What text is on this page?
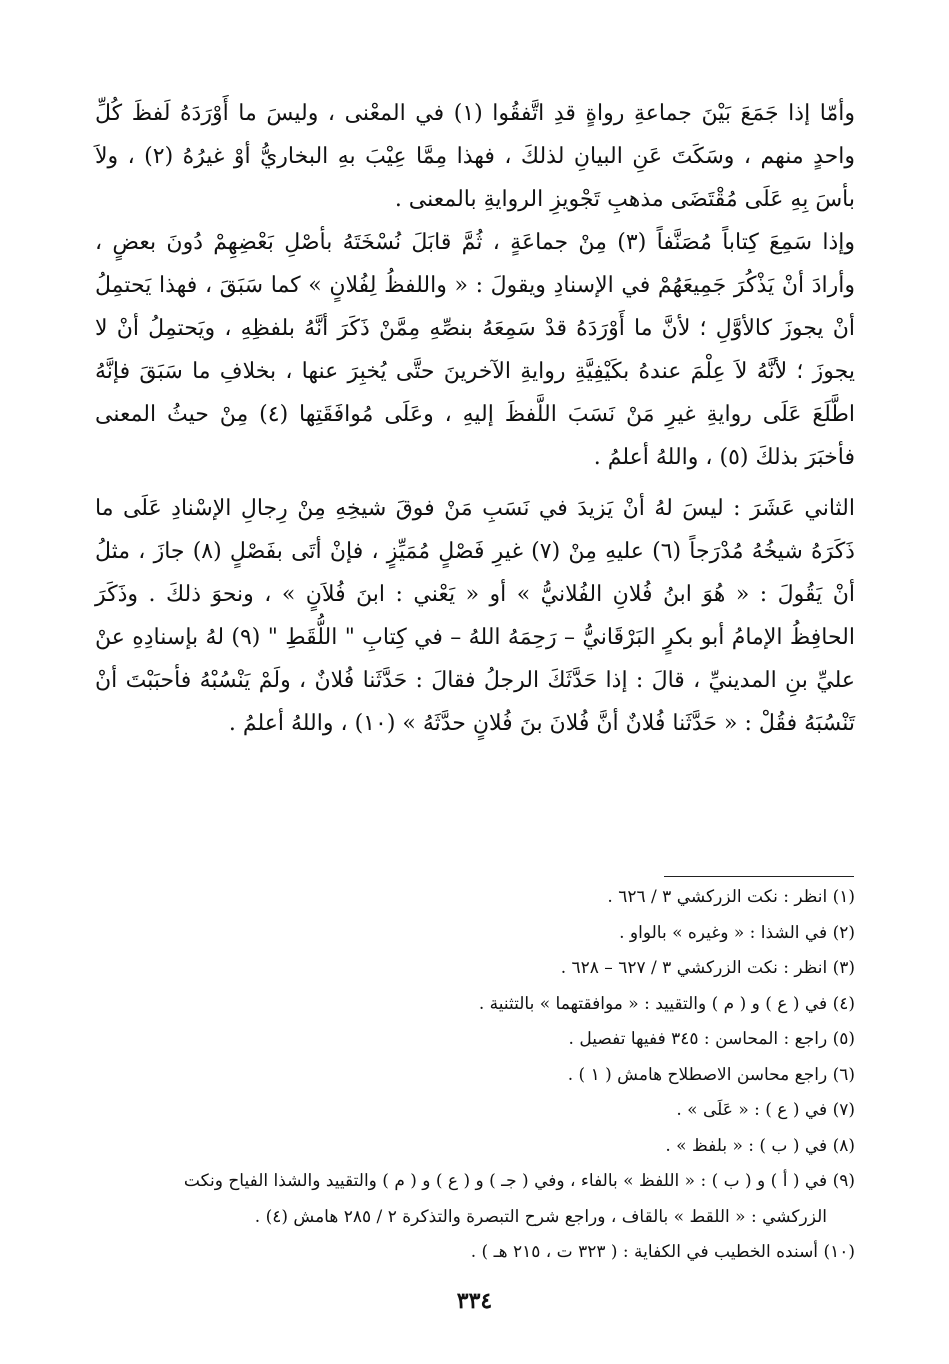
وأمّا إذا جَمَعَ بَيْنَ جماعةِ رواةٍ قدِ اتَّفقُوا (١) في المعْنى ، وليسَ ما أَوْرَدَهُ لَفظَ كُلِّ واحدٍ منهم ، وسَكَتَ عَنِ البيانِ لذلكَ ، فهذا مِمَّا عِيْبَ بهِ البخاريُّ أوْ غيرُهُ (٢) ، ولاَ بأسَ بِهِ عَلَى مُقْتَضَى مذهبِ تَجْويزِ الروايةِ بالمعنى .

وإذا سَمِعَ كِتاباً مُصَنَّفاً (٣) مِنْ جماعَةٍ ، ثُمَّ قابَلَ نُسْخَتَهُ بأصْلِ بَعْضِهِمْ دُونَ بعضٍ ، وأرادَ أنْ يَذْكُرَ جَمِيعَهُمْ في الإسنادِ ويقولَ : « واللفظُ لِفُلانٍ » كما سَبَقَ ، فهذا يَحتمِلُ أنْ يجوزَ كالأوَّلِ ؛ لأنَّ ما أَوْرَدَهُ قدْ سَمِعَهُ بنصِّهِ مِمَّنْ ذَكَرَ أنَّهُ بلفظِهِ ، ويَحتمِلُ أنْ لا يجوزَ ؛ لأنَّهُ لاَ عِلْمَ عندهُ بكَيْفِيَّةِ روايةِ الآخرينَ حتَّى يُخبِرَ عنها ، بخلافِ ما سَبَقَ فإنَّهُ اطَّلَعَ عَلَى روايةِ غيرِ مَنْ نَسَبَ اللَّفظَ إليهِ ، وعَلَى مُوافَقَتِها (٤) مِنْ حيثُ المعنى فأخبَرَ بذلكَ (٥) ، واللهُ أعلمُ .

الثاني عَشَرَ : ليسَ لهُ أنْ يَزيدَ في نَسَبِ مَنْ فوقَ شيخِهِ مِنْ رِجالِ الإسْنادِ عَلَى ما ذَكَرَهُ شيخُهُ مُدْرَجاً (٦) عليهِ مِنْ (٧) غيرِ فَصْلٍ مُمَيِّزٍ ، فإنْ أتَى بفَصْلٍ (٨) جازَ ، مثلُ أنْ يَقُولَ : « هُوَ ابنُ فُلانِ الفُلانيُّ » أو « يَعْني : ابنَ فُلاَنٍ » ، ونحوَ ذلكَ . وذَكَرَ الحافِظُ الإمامُ أبو بكرٍ البَرْقَانيُّ – رَحِمَهُ اللهُ – في كِتابِ " اللُّقَطِ " (٩) لهُ بإسنادِهِ عنْ عليِّ بنِ المدينيِّ ، قالَ : إذا حَدَّثَكَ الرجلُ فقالَ : حَدَّثَنا فُلانٌ ، ولَمْ يَنْسُبْهُ فأحبَبْتَ أنْ تَنْسُبَهُ فقُلْ : « حَدَّثَنا فُلانٌ أنَّ فُلانَ بنَ فُلانٍ حدَّثَهُ » (١٠) ، واللهُ أعلمُ .

(١) انظر : نكت الزركشي ٣ / ٦٢٦ .
(٢) في الشذا : « وغيره » بالواو .
(٣) انظر : نكت الزركشي ٣ / ٦٢٧ – ٦٢٨ .
(٤) في ( ع ) و ( م ) والتقييد : « موافقتهما » بالتثنية .
(٥) راجع : المحاسن : ٣٤٥ ففيها تفصيل .
(٦) راجع محاسن الاصطلاح هامش ( ١ ) .
(٧) في ( ع ) : « عَلَى » .
(٨) في ( ب ) : « بلفظ » .
(٩) في ( أ ) و ( ب ) : « اللفظ » بالفاء ، وفي ( جـ ) و ( ع ) و ( م ) والتقييد والشذا الفياح ونكت
الزركشي : « اللقط » بالقاف ، وراجع شرح التبصرة والتذكرة ٢ / ٢٨٥ هامش (٤) .
(١٠) أسنده الخطيب في الكفاية : ( ٣٢٣ ت ، ٢١٥ هـ ) .
٣٣٤
